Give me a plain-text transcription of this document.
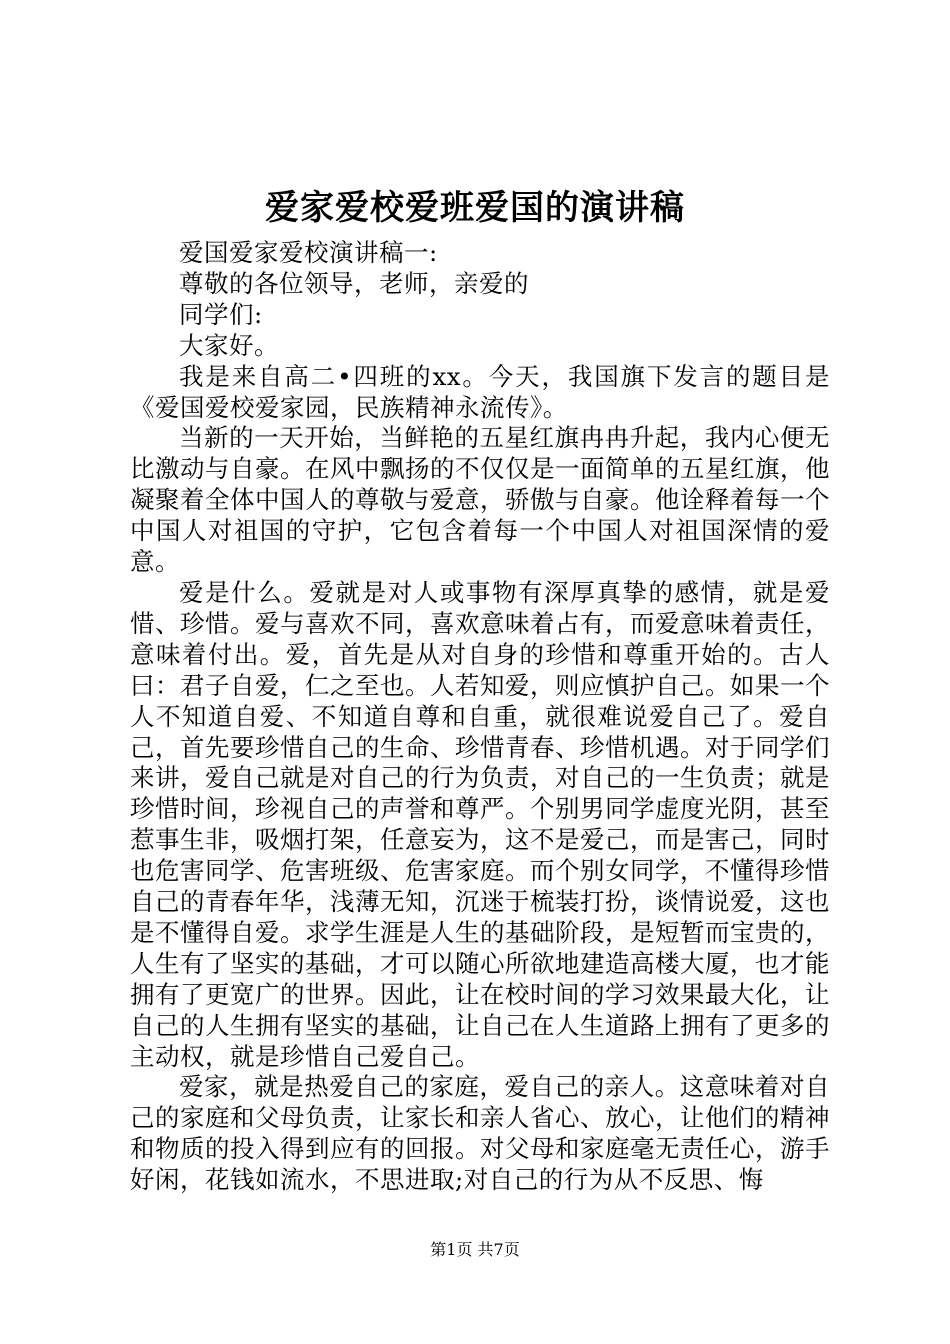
爱家爱校爱班爱国的演讲稿

爱国爱家爱校演讲稿一:

尊敬的各位领导，老师，亲爱的

同学们:

大家好。

我是来自高二•四班的xx。今天，我国旗下发言的题目是《爱国爱校爱家园，民族精神永流传》。

当新的一天开始，当鲜艳的五星红旗冉冉升起，我内心便无比激动与自豪。在风中飘扬的不仅仅是一面简单的五星红旗，他凝聚着全体中国人的尊敬与爱意，骄傲与自豪。他诠释着每一个中国人对祖国的守护，它包含着每一个中国人对祖国深情的爱意。

爱是什么。爱就是对人或事物有深厚真挚的感情，就是爱惜、珍惜。爱与喜欢不同，喜欢意味着占有，而爱意味着责任，意味着付出。爱，首先是从对自身的珍惜和尊重开始的。古人曰：君子自爱，仁之至也。人若知爱，则应慎护自己。如果一个人不知道自爱、不知道自尊和自重，就很难说爱自己了。爱自己，首先要珍惜自己的生命、珍惜青春、珍惜机遇。对于同学们来讲，爱自己就是对自己的行为负责，对自己的一生负责；就是珍惜时间，珍视自己的声誉和尊严。个别男同学虚度光阴，甚至惹事生非，吸烟打架，任意妄为，这不是爱己，而是害己，同时也危害同学、危害班级、危害家庭。而个别女同学，不懂得珍惜自己的青春年华，浅薄无知，沉迷于梳装打扮，谈情说爱，这也是不懂得自爱。求学生涯是人生的基础阶段，是短暂而宝贵的，人生有了坚实的基础，才可以随心所欲地建造高楼大厦，也才能拥有了更宽广的世界。因此，让在校时间的学习效果最大化，让自己的人生拥有坚实的基础，让自己在人生道路上拥有了更多的主动权，就是珍惜自己爱自己。

爱家，就是热爱自己的家庭，爱自己的亲人。这意味着对自己的家庭和父母负责，让家长和亲人省心、放心，让他们的精神和物质的投入得到应有的回报。对父母和家庭毫无责任心，游手好闲，花钱如流水，不思进取;对自己的行为从不反思、悔

第1页 共7页
